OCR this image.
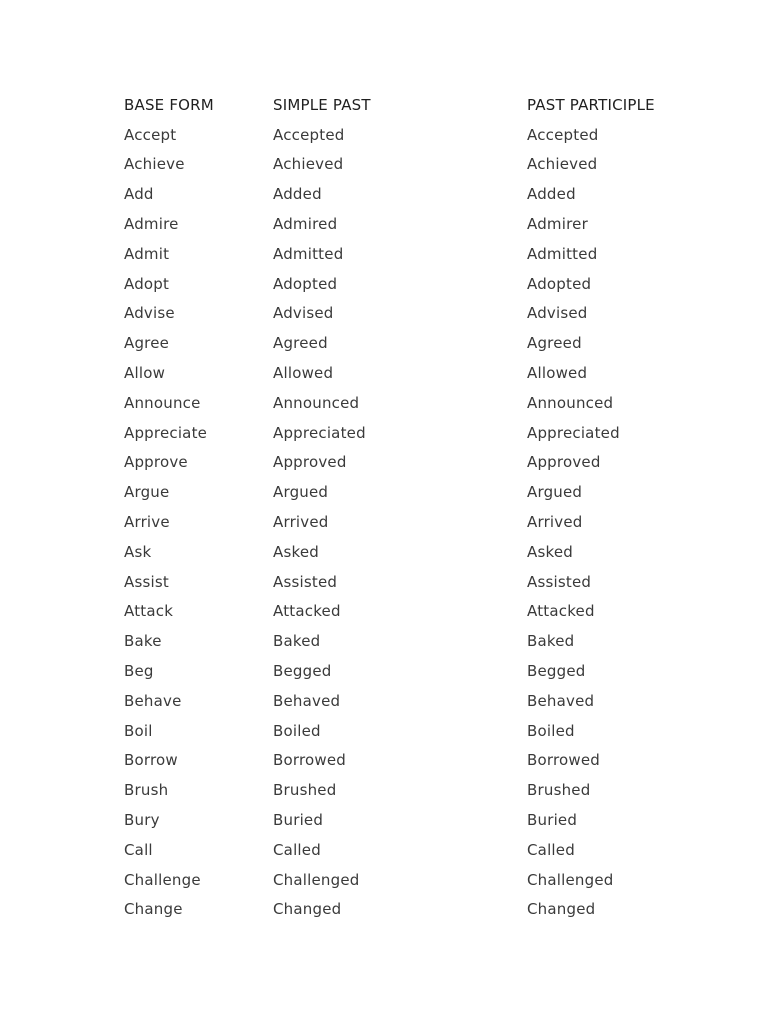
BASE FORM	SIMPLE PAST	PAST PARTICIPLE
Accept	Accepted	Accepted
Achieve	Achieved	Achieved
Add	Added	Added
Admire	Admired	Admirer
Admit	Admitted	Admitted
Adopt	Adopted	Adopted
Advise	Advised	Advised
Agree	Agreed	Agreed
Allow	Allowed	Allowed
Announce	Announced	Announced
Appreciate	Appreciated	Appreciated
Approve	Approved	Approved
Argue	Argued	Argued
Arrive	Arrived	Arrived
Ask	Asked	Asked
Assist	Assisted	Assisted
Attack	Attacked	Attacked
Bake	Baked	Baked
Beg	Begged	Begged
Behave	Behaved	Behaved
Boil	Boiled	Boiled
Borrow	Borrowed	Borrowed
Brush	Brushed	Brushed
Bury	Buried	Buried
Call	Called	Called
Challenge	Challenged	Challenged
Change	Changed	Changed
